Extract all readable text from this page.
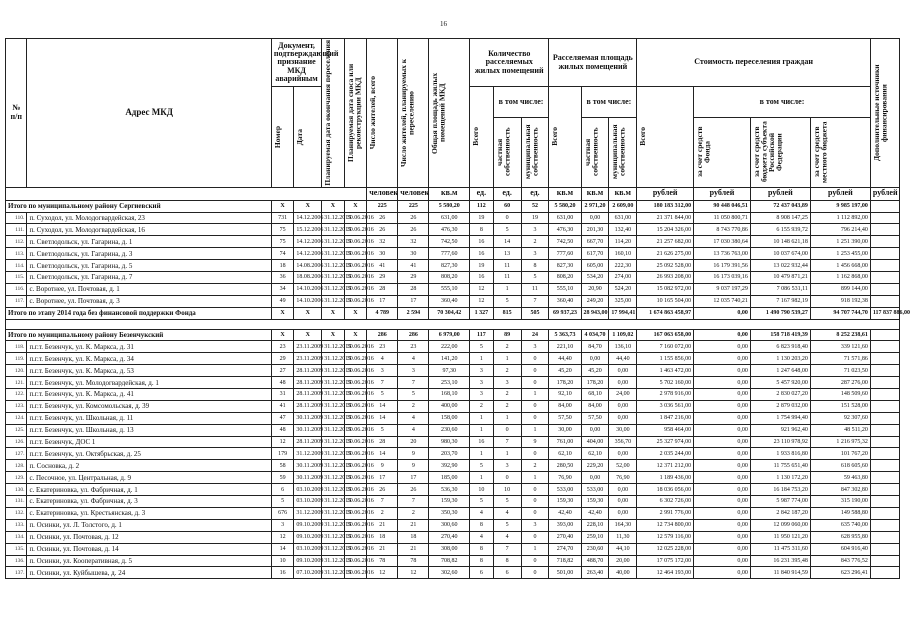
16
№ п/п	Адрес МКД	Документ, подтверждающий признание МКД аварийным		Планируемая дата окончания переселения	Планируемая дата сноса или реконструкции МКД	Число жителей, всего	Число жителей, планируемых к переселению	Общая площадь жилых помещений МКД	Количество расселяемых жилых помещений			Расселяемая площадь жилых помещений			Стоимость переселения граждан				Дополнительные источники финансирования

		Номер	Дата						Всего	в том числе:		Всего	в том числе:		Всего	в том числе:			

										частная собственность	муниципальная собственность		частная собственность	муниципальная собственность		за счет средств Фонда	за счет средств бюджета субъекта Российской Федерации	за счет средств местного бюджета	

						человек	человек	кв.м	ед.	ед.	ед.	кв.м	кв.м	кв.м	рублей	рублей	рублей	рублей	рублей
Итого по муниципальному району Сергиевский		X	X	X	X	225	225	5 580,20	112	60	52	5 580,20	2 971,20	2 609,00	180 183 312,00	90 448 046,51	72 437 043,89	9 985 197,00	
110.	п. Суходол, ул. Молодогвардейская, 23	731	14.12.2006	31.12.2015	30.06.2016	26	26	631,00	19	0	19	631,00	0,00	631,00	21 371 844,00	11 050 800,71	8 908 147,25	1 112 892,00	
111.	п. Суходол, ул. Молодогвардейская, 16	75	15.12.2006	31.12.2015	30.06.2016	26	26	476,30	8	5	3	476,30	201,30	132,40	15 204 326,00	8 743 770,86	6 155 939,72	796 214,40	
112.	п. Светлодольск, ул. Гагарина, д. 1	75	14.12.2006	31.12.2015	30.06.2016	32	32	742,50	16	14	2	742,50	667,70	114,20	21 257 682,00	17 030 380,64	10 148 621,18	1 251 390,00	
113.	п. Светлодольск, ул. Гагарина, д. 3	74	14.12.2006	31.12.2015	30.06.2016	30	30	777,60	16	13	3	777,60	617,70	160,10	21 626 275,00	13 736 763,00	10 037 674,00	1 253 455,00	
114.	п. Светлодольск, ул. Гагарина, д. 5	18	14.08.2006	31.12.2015	30.06.2016	41	41	827,30	19	11	8	827,30	605,00	222,30	25 092 528,00	16 179 391,56	13 022 932,44	1 456 668,00	
115.	п. Светлодольск, ул. Гагарина, д. 7	36	18.08.2006	31.12.2015	30.06.2016	29	29	808,20	16	11	5	808,20	534,20	274,00	26 993 208,00	16 173 039,16	10 479 871,21	1 162 868,00	
116.	с. Воротнее, ул. Почтовая, д. 1	34	14.10.2006	31.12.2015	30.06.2016	28	28	555,10	12	1	11	555,10	20,90	524,20	15 082 972,00	9 037 197,29	7 086 531,11	899 144,00	
117.	с. Воротнее, ул. Почтовая, д. 3	49	14.10.2006	31.12.2015	30.06.2016	17	17	360,40	12	5	7	360,40	249,20	325,00	10 165 504,00	12 035 740,21	7 167 982,19	918 192,38	
Итого по этапу 2014 года без финансовой поддержки Фонда		X	X	X	X	4 789	2 594	70 304,42	1 327	815	505	69 937,23	28 943,00	17 994,41	1 674 863 458,97	0,00	1 490 790 539,27	94 707 744,70	117 837 886,00

Итого по муниципальному району Безенчукский		X	X	X	X	286	286	6 979,00	117	89	24	5 363,73	4 034,70	1 109,02	167 063 658,00	0,00	158 718 419,39	8 252 238,61	
118.	п.г.т. Безенчук, ул. К. Маркса, д. 31	23	23.11.2009	31.12.2015	30.06.2016	23	23	222,00	5	2	3	221,10	84,70	136,10	7 160 072,00	0,00	6 823 918,40	339 121,60	
119.	п.г.т. Безенчук, ул. К. Маркса, д. 34	29	23.11.2009	31.12.2015	30.06.2016	4	4	141,20	1	1	0	44,40	0,00	44,40	1 155 856,00	0,00	1 130 203,20	71 571,86	
120.	п.г.т. Безенчук, ул. К. Маркса, д. 53	27	28.11.2009	31.12.2015	30.06.2016	3	3	97,30	3	2	0	45,20	45,20	0,00	1 463 472,00	0,00	1 247 648,00	71 023,50	
121.	п.г.т. Безенчук, ул. Молодогвардейская, д. 1	48	28.11.2009	31.12.2015	30.06.2016	7	7	253,10	3	3	0	178,20	178,20	0,00	5 702 160,00	0,00	5 457 920,00	287 276,00	
122.	п.г.т. Безенчук, ул. К. Маркса, д. 41	31	28.11.2009	31.12.2015	30.06.2016	5	5	168,10	3	2	1	92,10	68,10	24,00	2 978 916,00	0,00	2 830 027,20	148 509,60	
123.	п.г.т. Безенчук, ул. Комсомольская, д. 39	41	28.11.2009	31.12.2015	30.06.2016	14	2	400,00	2	2	0	84,00	84,00	0,00	3 036 561,00	0,00	2 879 032,00	151 528,00	
124.	п.г.т. Безенчук, ул. Школьная, д. 11	47	30.11.2009	31.12.2015	30.06.2016	14	4	158,00	1	1	0	57,50	57,50	0,00	1 847 216,00	0,00	1 754 994,40	92 307,60	
125.	п.г.т. Безенчук, ул. Школьная, д. 13	48	30.11.2009	31.12.2015	30.06.2016	5	4	230,60	1	0	1	30,00	0,00	30,00	958 464,00	0,00	921 962,40	48 511,20	
126.	п.г.т. Безенчук, ДОС 1	12	28.11.2009	31.12.2015	30.06.2016	28	20	980,30	16	7	9	761,00	404,00	356,70	25 327 974,00	0,00	23 110 978,92	1 216 975,32	
127.	п.г.т. Безенчук, ул. Октябрьская, д. 25	179	31.12.2009	31.12.2015	30.06.2016	14	9	203,70	1	1	0	62,10	62,10	0,00	2 035 244,00	0,00	1 933 816,80	101 767,20	
128.	п. Сосновка, д. 2	58	30.11.2009	31.12.2015	30.06.2016	9	9	392,90	5	3	2	280,50	229,20	52,00	12 371 212,00	0,00	11 755 651,40	618 605,60	
129.	с. Песочное, ул. Центральная, д. 9	59	30.11.2009	31.12.2015	30.06.2016	17	17	185,00	1	0	1	76,90	0,00	76,90	1 189 436,00	0,00	1 130 172,20	59 463,80	
130.	с. Екатериновка, ул. Фабричная, д. 1	6	03.10.2009	31.12.2015	30.06.2016	26	26	536,30	10	10	0	533,00	533,00	0,00	18 036 056,00	0,00	16 184 753,20	847 302,80	
131.	с. Екатериновка, ул. Фабричная, д. 3	5	03.10.2009	31.12.2015	30.06.2016	7	7	159,30	5	5	0	159,30	159,30	0,00	6 302 726,00	0,00	5 987 774,00	315 190,00	
132.	с. Екатериновка, ул. Крестьянская, д. 3	676	31.12.2009	31.12.2015	30.06.2016	2	2	350,30	4	4	0	42,40	42,40	0,00	2 991 776,00	0,00	2 842 187,20	149 588,80	
133.	п. Осинки, ул. Л. Толстого, д. 1	3	09.10.2009	31.12.2015	30.06.2016	21	21	300,60	8	5	3	393,00	228,10	164,30	12 734 800,00	0,00	12 099 060,00	635 740,00	
134.	п. Осинки, ул. Почтовая, д. 12	12	09.10.2009	31.12.2015	30.06.2016	18	18	270,40	4	4	0	270,40	259,10	11,30	12 579 116,00	0,00	11 950 121,20	628 955,80	
135.	п. Осинки, ул. Почтовая, д. 14	14	03.10.2009	31.12.2015	30.06.2016	21	21	308,00	8	7	1	274,70	230,60	44,10	12 025 228,00	0,00	11 475 311,60	604 916,40	
136.	п. Осинки, ул. Кооперативная, д. 5	10	09.10.2009	31.12.2015	30.06.2016	78	78	708,82	8	8	0	718,82	488,70	20,00	17 075 172,00	0,00	16 231 395,48	843 776,52	
137.	п. Осинки, ул. Куйбышева, д. 24	16	07.10.2009	31.12.2015	30.06.2016	12	12	302,60	6	6	0	501,00	263,40	40,00	12 464 193,00	0,00	11 840 914,59	623 296,41	
